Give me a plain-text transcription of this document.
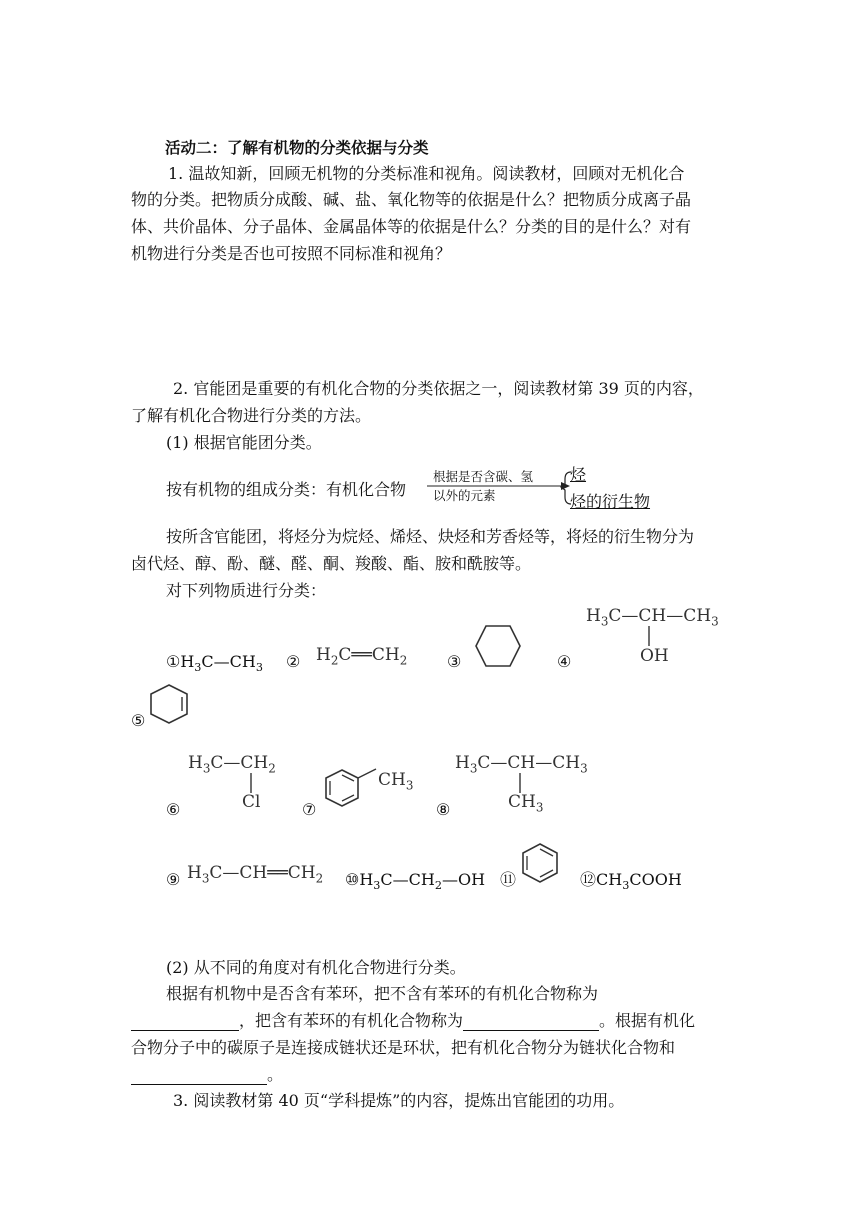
活动二：了解有机物的分类依据与分类
1. 温故知新，回顾无机物的分类标准和视角。阅读教材，回顾对无机化合
物的分类。把物质分成酸、碱、盐、氧化物等的依据是什么？把物质分成离子晶
体、共价晶体、分子晶体、金属晶体等的依据是什么？分类的目的是什么？对有
机物进行分类是否也可按照不同标准和视角？
2. 官能团是重要的有机化合物的分类依据之一，阅读教材第 39 页的内容，
了解有机化合物进行分类的方法。
(1) 根据官能团分类。
按有机物的组成分类：有机化合物
根据是否含碳、氢
以外的元素
烃
烃的衍生物
按所含官能团，将烃分为烷烃、烯烃、炔烃和芳香烃等，将烃的衍生物分为
卤代烃、醇、酚、醚、醛、酮、羧酸、酯、胺和酰胺等。
对下列物质进行分类：
$①H_3C—CH_3$ ② $H_2C══CH_2$ ③	④
$H_3C—CH—CH_3$
OH
⑤
⑥
$H_3C—CH_2$
Cl	⑦
$CH_3$
⑧
$H_3C—CH—CH_3$
$CH_3$
⑨ $H_3C—CH══CH_2$ $⑩H_3C—CH_2—OH$ ⑪	$⑫CH_3COOH$
(2) 从不同的角度对有机化合物进行分类。
根据有机物中是否含有苯环，把不含有苯环的有机化合物称为
，把含有苯环的有机化合物称为	。根据有机化
合物分子中的碳原子是连接成链状还是环状，把有机化合物分为链状化合物和
。
3. 阅读教材第 40 页“学科提炼”的内容，提炼出官能团的功用。
